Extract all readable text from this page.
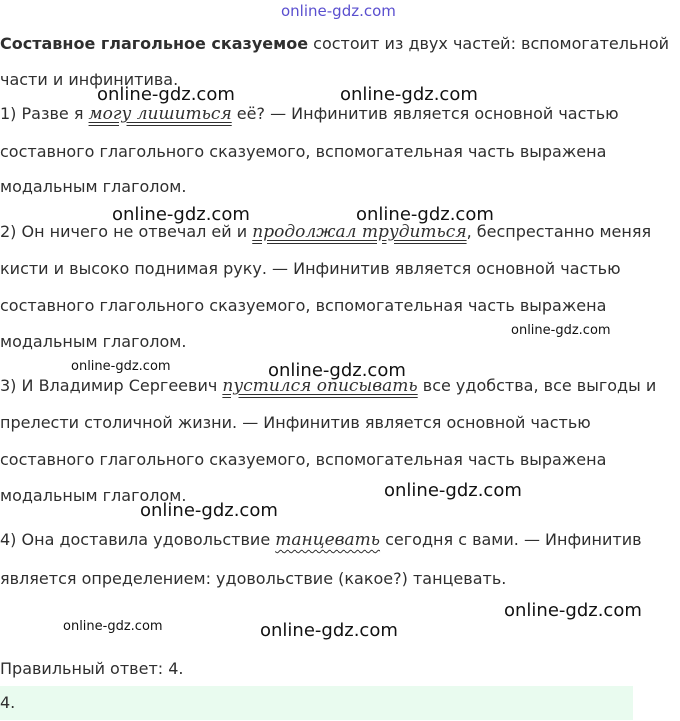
online-gdz.com
online-gdz.com	online-gdz.com
online-gdz.com	online-gdz.com
online-gdz.com
online-gdz.com	online-gdz.com
online-gdz.com
online-gdz.com
online-gdz.com
online-gdz.com	online-gdz.com
Составное глагольное сказуемое состоит из двух частей: вспомогательной
части и инфинитива.
1) Разве я могу лишиться её? — Инфинитив является основной частью
составного глагольного сказуемого, вспомогательная часть выражена
модальным глаголом.
2) Он ничего не отвечал ей и продолжал трудиться, беспрестанно меняя
кисти и высоко поднимая руку. — Инфинитив является основной частью
составного глагольного сказуемого, вспомогательная часть выражена
модальным глаголом.
3) И Владимир Сергеевич пустился описывать все удобства, все выгоды и
прелести столичной жизни. — Инфинитив является основной частью
составного глагольного сказуемого, вспомогательная часть выражена
модальным глаголом.
4) Она доставила удовольствие танцевать сегодня с вами. — Инфинитив
является определением: удовольствие (какое?) танцевать.
Правильный ответ: 4.
4.
